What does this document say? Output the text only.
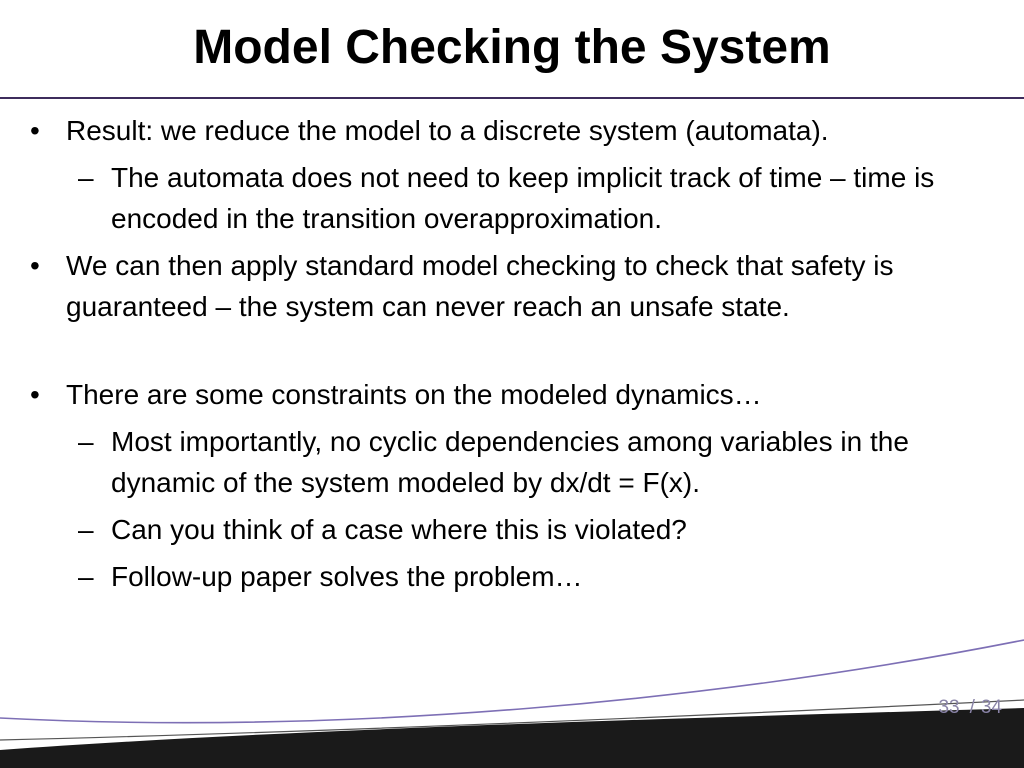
Model Checking the System
• Result: we reduce the model to a discrete system (automata).
– The automata does not need to keep implicit track of time – time is encoded in the transition overapproximation.
• We can then apply standard model checking to check that safety is guaranteed – the system can never reach an unsafe state.
• There are some constraints on the modeled dynamics…
– Most importantly, no cyclic dependencies among variables in the dynamic of the system modeled by dx/dt = F(x).
– Can you think of a case where this is violated?
– Follow-up paper solves the problem…
33 / 34
